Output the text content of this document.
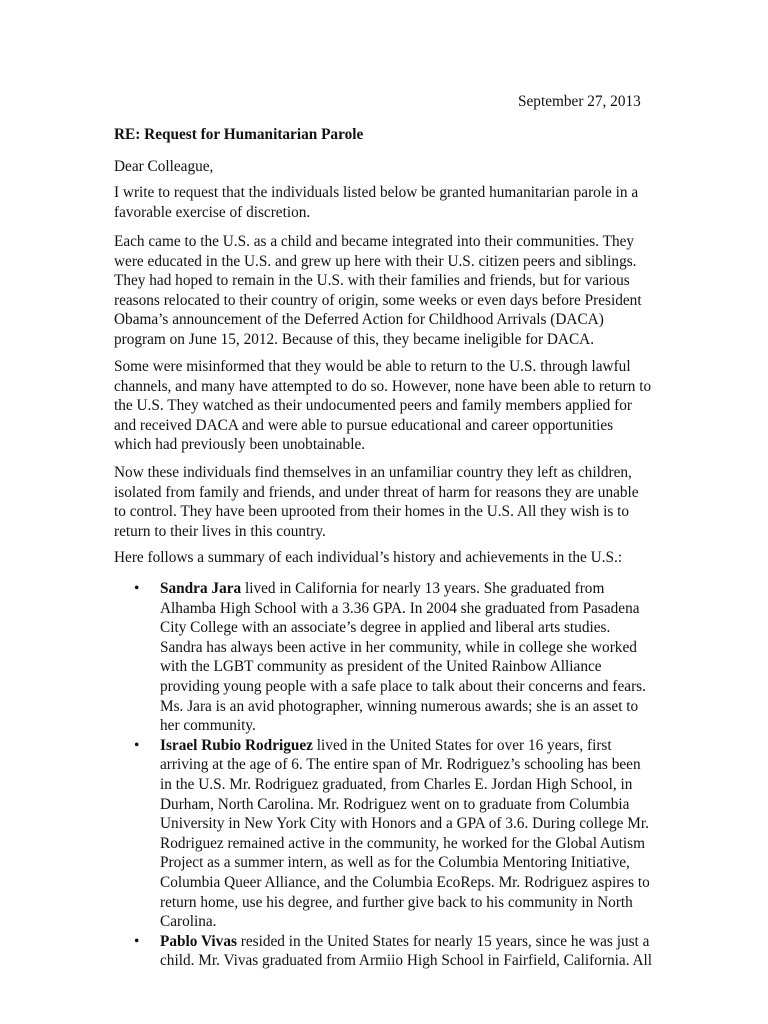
September 27, 2013

RE: Request for Humanitarian Parole

Dear Colleague,

I write to request that the individuals listed below be granted humanitarian parole in a favorable exercise of discretion.

Each came to the U.S. as a child and became integrated into their communities. They were educated in the U.S. and grew up here with their U.S. citizen peers and siblings. They had hoped to remain in the U.S. with their families and friends, but for various reasons relocated to their country of origin, some weeks or even days before President Obama’s announcement of the Deferred Action for Childhood Arrivals (DACA) program on June 15, 2012. Because of this, they became ineligible for DACA.

Some were misinformed that they would be able to return to the U.S. through lawful channels, and many have attempted to do so. However, none have been able to return to the U.S. They watched as their undocumented peers and family members applied for and received DACA and were able to pursue educational and career opportunities which had previously been unobtainable.

Now these individuals find themselves in an unfamiliar country they left as children, isolated from family and friends, and under threat of harm for reasons they are unable to control. They have been uprooted from their homes in the U.S. All they wish is to return to their lives in this country.

Here follows a summary of each individual’s history and achievements in the U.S.:

• Sandra Jara lived in California for nearly 13 years. She graduated from Alhamba High School with a 3.36 GPA. In 2004 she graduated from Pasadena City College with an associate’s degree in applied and liberal arts studies. Sandra has always been active in her community, while in college she worked with the LGBT community as president of the United Rainbow Alliance providing young people with a safe place to talk about their concerns and fears. Ms. Jara is an avid photographer, winning numerous awards; she is an asset to her community.
• Israel Rubio Rodriguez lived in the United States for over 16 years, first arriving at the age of 6. The entire span of Mr. Rodriguez’s schooling has been in the U.S. Mr. Rodriguez graduated, from Charles E. Jordan High School, in Durham, North Carolina. Mr. Rodriguez went on to graduate from Columbia University in New York City with Honors and a GPA of 3.6. During college Mr. Rodriguez remained active in the community, he worked for the Global Autism Project as a summer intern, as well as for the Columbia Mentoring Initiative, Columbia Queer Alliance, and the Columbia EcoReps. Mr. Rodriguez aspires to return home, use his degree, and further give back to his community in North Carolina.
• Pablo Vivas resided in the United States for nearly 15 years, since he was just a child. Mr. Vivas graduated from Armiio High School in Fairfield, California. All
